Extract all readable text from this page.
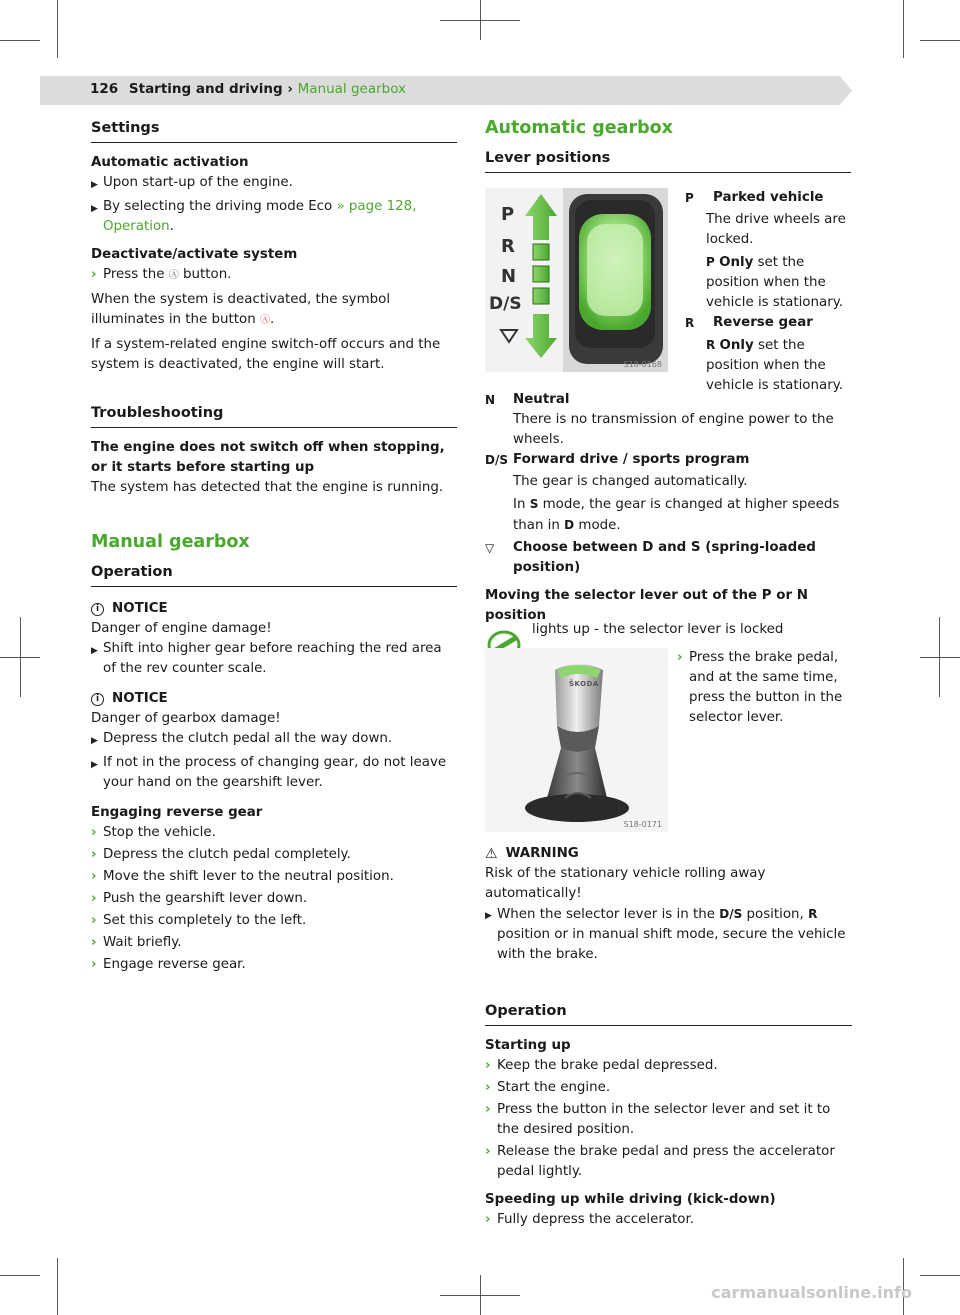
126 Starting and driving › Manual gearbox
Settings

Automatic activation

▶ Upon start-up of the engine.
▶ By selecting the driving mode Eco » page 128, Operation.

Deactivate/activate system

› Press the Ⓐ button.

When the system is deactivated, the symbol illuminates in the button Ⓐ.

If a system-related engine switch-off occurs and the system is deactivated, the engine will start.

Troubleshooting

The engine does not switch off when stopping, or it starts before starting up

The system has detected that the engine is running.

Manual gearbox
Operation
i NOTICE

Danger of engine damage!

▶ Shift into higher gear before reaching the red area of the rev counter scale.
i NOTICE

Danger of gearbox damage!

▶ Depress the clutch pedal all the way down.
▶ If not in the process of changing gear, do not leave your hand on the gearshift lever.

Engaging reverse gear

› Stop the vehicle.
› Depress the clutch pedal completely.
› Move the shift lever to the neutral position.
› Push the gearshift lever down.
› Set this completely to the left.
› Wait briefly.
› Engage reverse gear.
Automatic gearbox
Lever positions
P
R
N
D/S
S18-0168
P	Parked vehicle

The drive wheels are locked.

P Only set the position when the vehicle is stationary.

R	Reverse gear

R Only set the position when the vehicle is stationary.

N	Neutral

There is no transmission of engine power to the wheels.

D/S Forward drive / sports program

The gear is changed automatically.

In S mode, the gear is changed at higher speeds than in D mode.

▽	Choose between D and S (spring-loaded position)

Moving the selector lever out of the P or N position

lights up - the selector lever is locked

ŠKODA
S18-0171
› Press the brake pedal, and at the same time, press the button in the selector lever.
⚠ WARNING

Risk of the stationary vehicle rolling away automatically!

▶ When the selector lever is in the D/S position, R position or in manual shift mode, secure the vehicle with the brake.
Operation

Starting up

› Keep the brake pedal depressed.
› Start the engine.
› Press the button in the selector lever and set it to the desired position.
› Release the brake pedal and press the accelerator pedal lightly.

Speeding up while driving (kick-down)

› Fully depress the accelerator.
carmanualsonline.info
